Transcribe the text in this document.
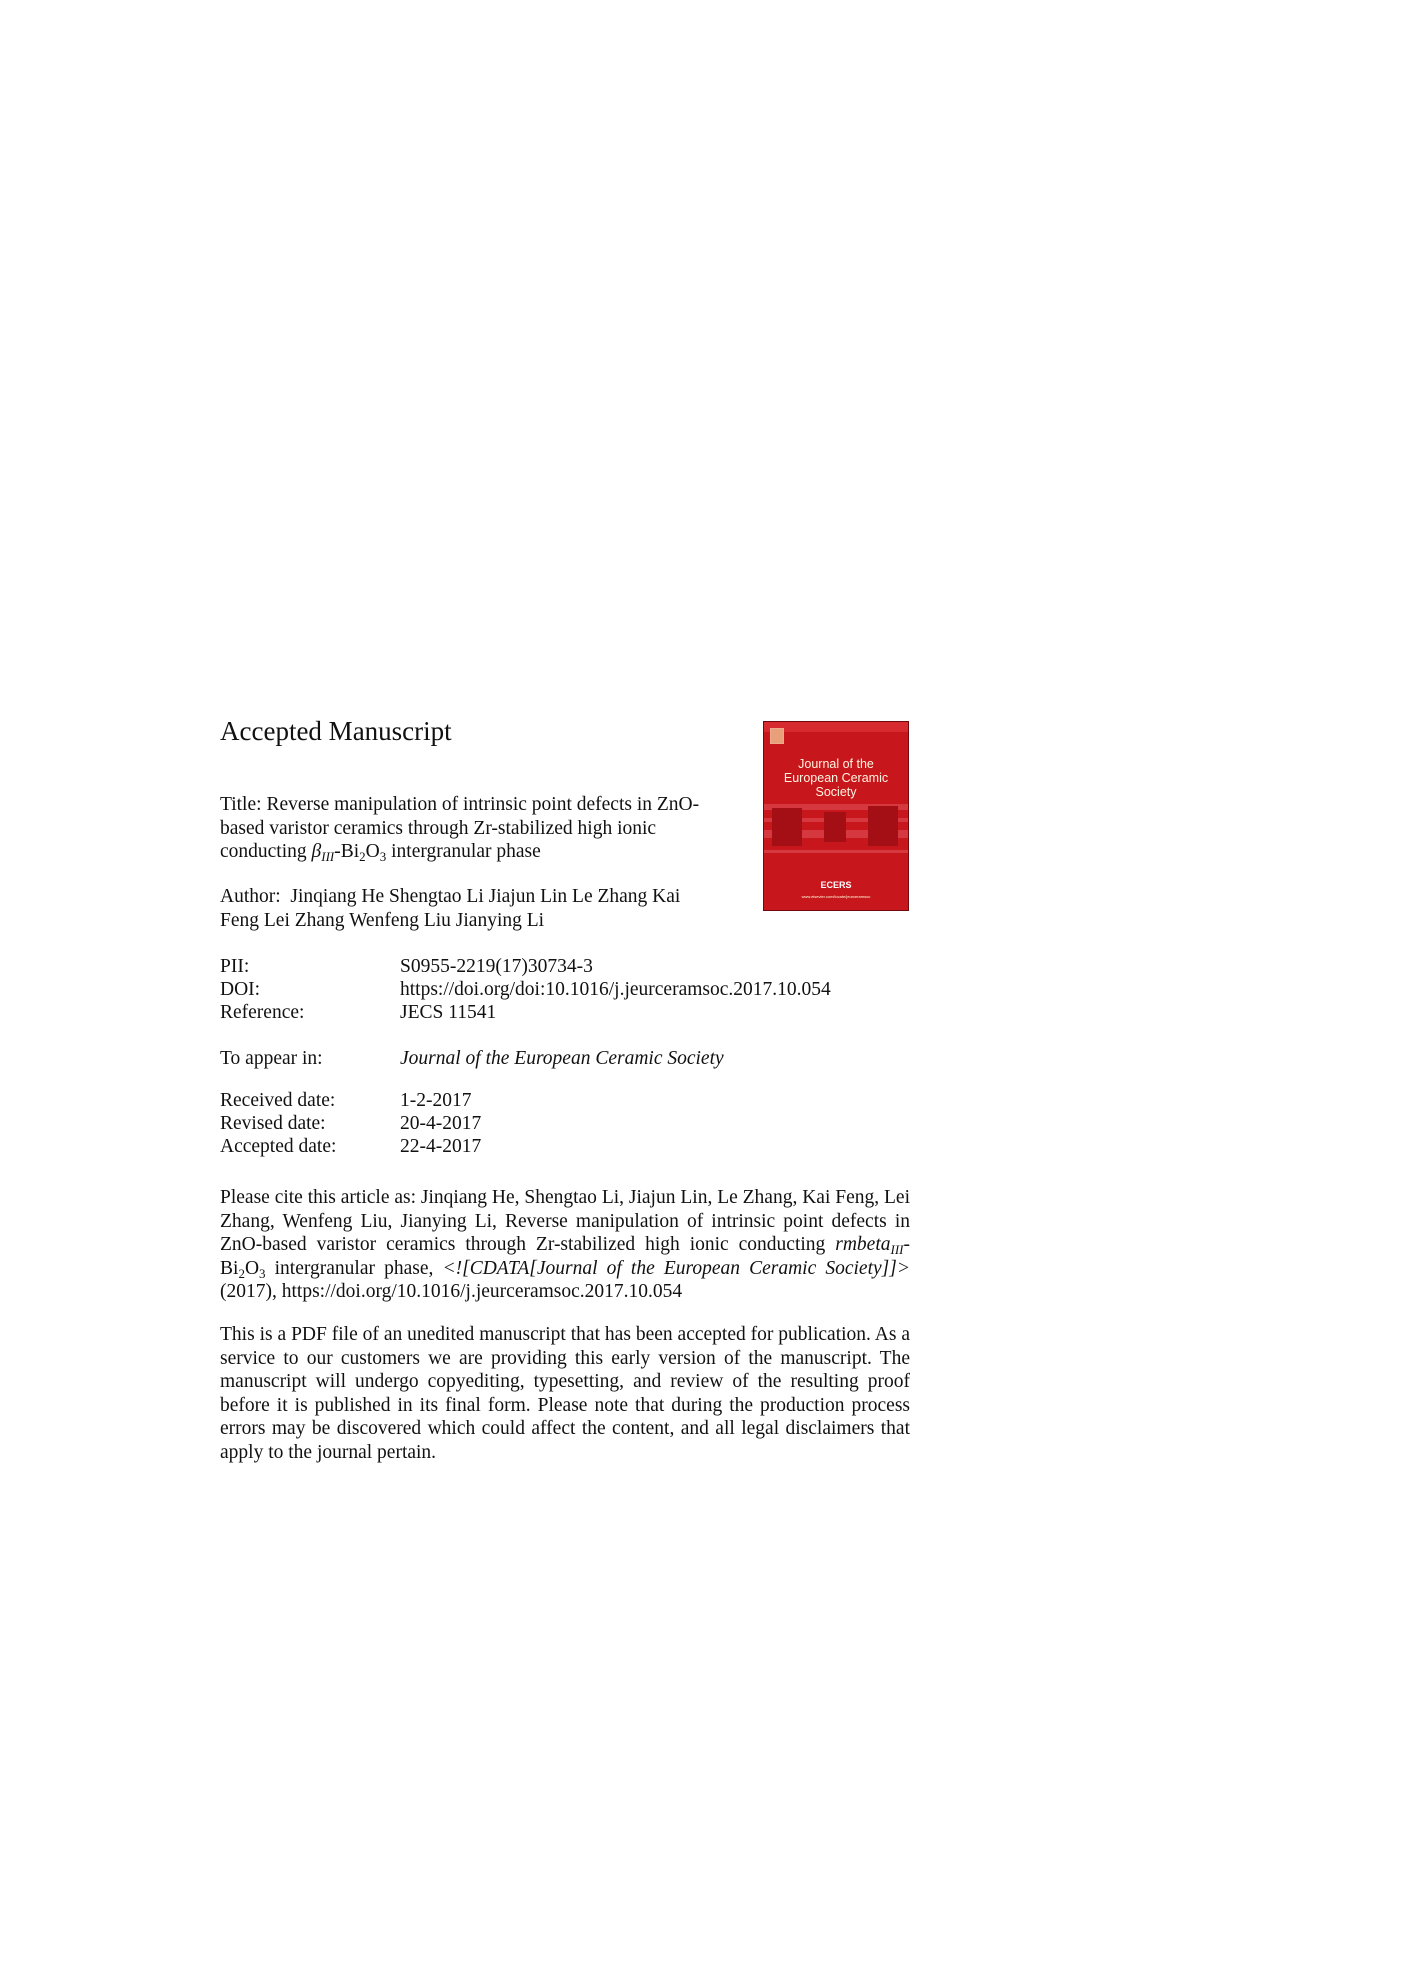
Accepted Manuscript
Title: Reverse manipulation of intrinsic point defects in ZnO-based varistor ceramics through Zr-stabilized high ionic conducting $\beta_{III}-Bi_2O_3$ intergranular phase
Author: Jinqiang He Shengtao Li Jiajun Lin Le Zhang Kai Feng Lei Zhang Wenfeng Liu Jianying Li
PII:	S0955-2219(17)30734-3
DOI:	https://doi.org/doi:10.1016/j.jeurceramsoc.2017.10.054
Reference:	JECS 11541
To appear in:	Journal of the European Ceramic Society
Received date:	1-2-2017
Revised date:	20-4-2017
Accepted date:	22-4-2017
Please cite this article as: Jinqiang He, Shengtao Li, Jiajun Lin, Le Zhang, Kai Feng, Lei Zhang, Wenfeng Liu, Jianying Li, Reverse manipulation of intrinsic point defects in ZnO-based varistor ceramics through Zr-stabilized high ionic conducting $rmbeta_{III}-Bi_2O_3$ intergranular phase, <![CDATA[Journal of the European Ceramic Society]]> (2017), https://doi.org/10.1016/j.jeurceramsoc.2017.10.054
This is a PDF file of an unedited manuscript that has been accepted for publication. As a service to our customers we are providing this early version of the manuscript. The manuscript will undergo copyediting, typesetting, and review of the resulting proof before it is published in its final form. Please note that during the production process errors may be discovered which could affect the content, and all legal disclaimers that apply to the journal pertain.
Journal of the
European Ceramic Society
ECERS
www.elsevier.com/locate/jeurceramsoc
